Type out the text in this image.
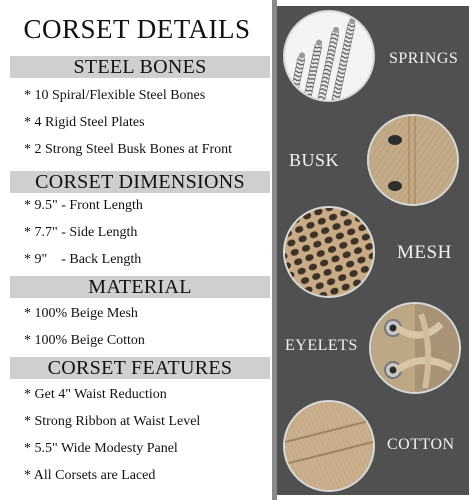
CORSET DETAILS
STEEL BONES
* 10 Spiral/Flexible Steel Bones
* 4 Rigid Steel Plates
* 2 Strong Steel Busk Bones at Front
CORSET DIMENSIONS
* 9.5" - Front Length
* 7.7" - Side Length
* 9"    - Back Length
MATERIAL
* 100% Beige Mesh
* 100% Beige Cotton
CORSET FEATURES
* Get 4" Waist Reduction
* Strong Ribbon at Waist Level
* 5.5" Wide Modesty Panel
* All Corsets are Laced
SPRINGS
BUSK
MESH
EYELETS
COTTON
